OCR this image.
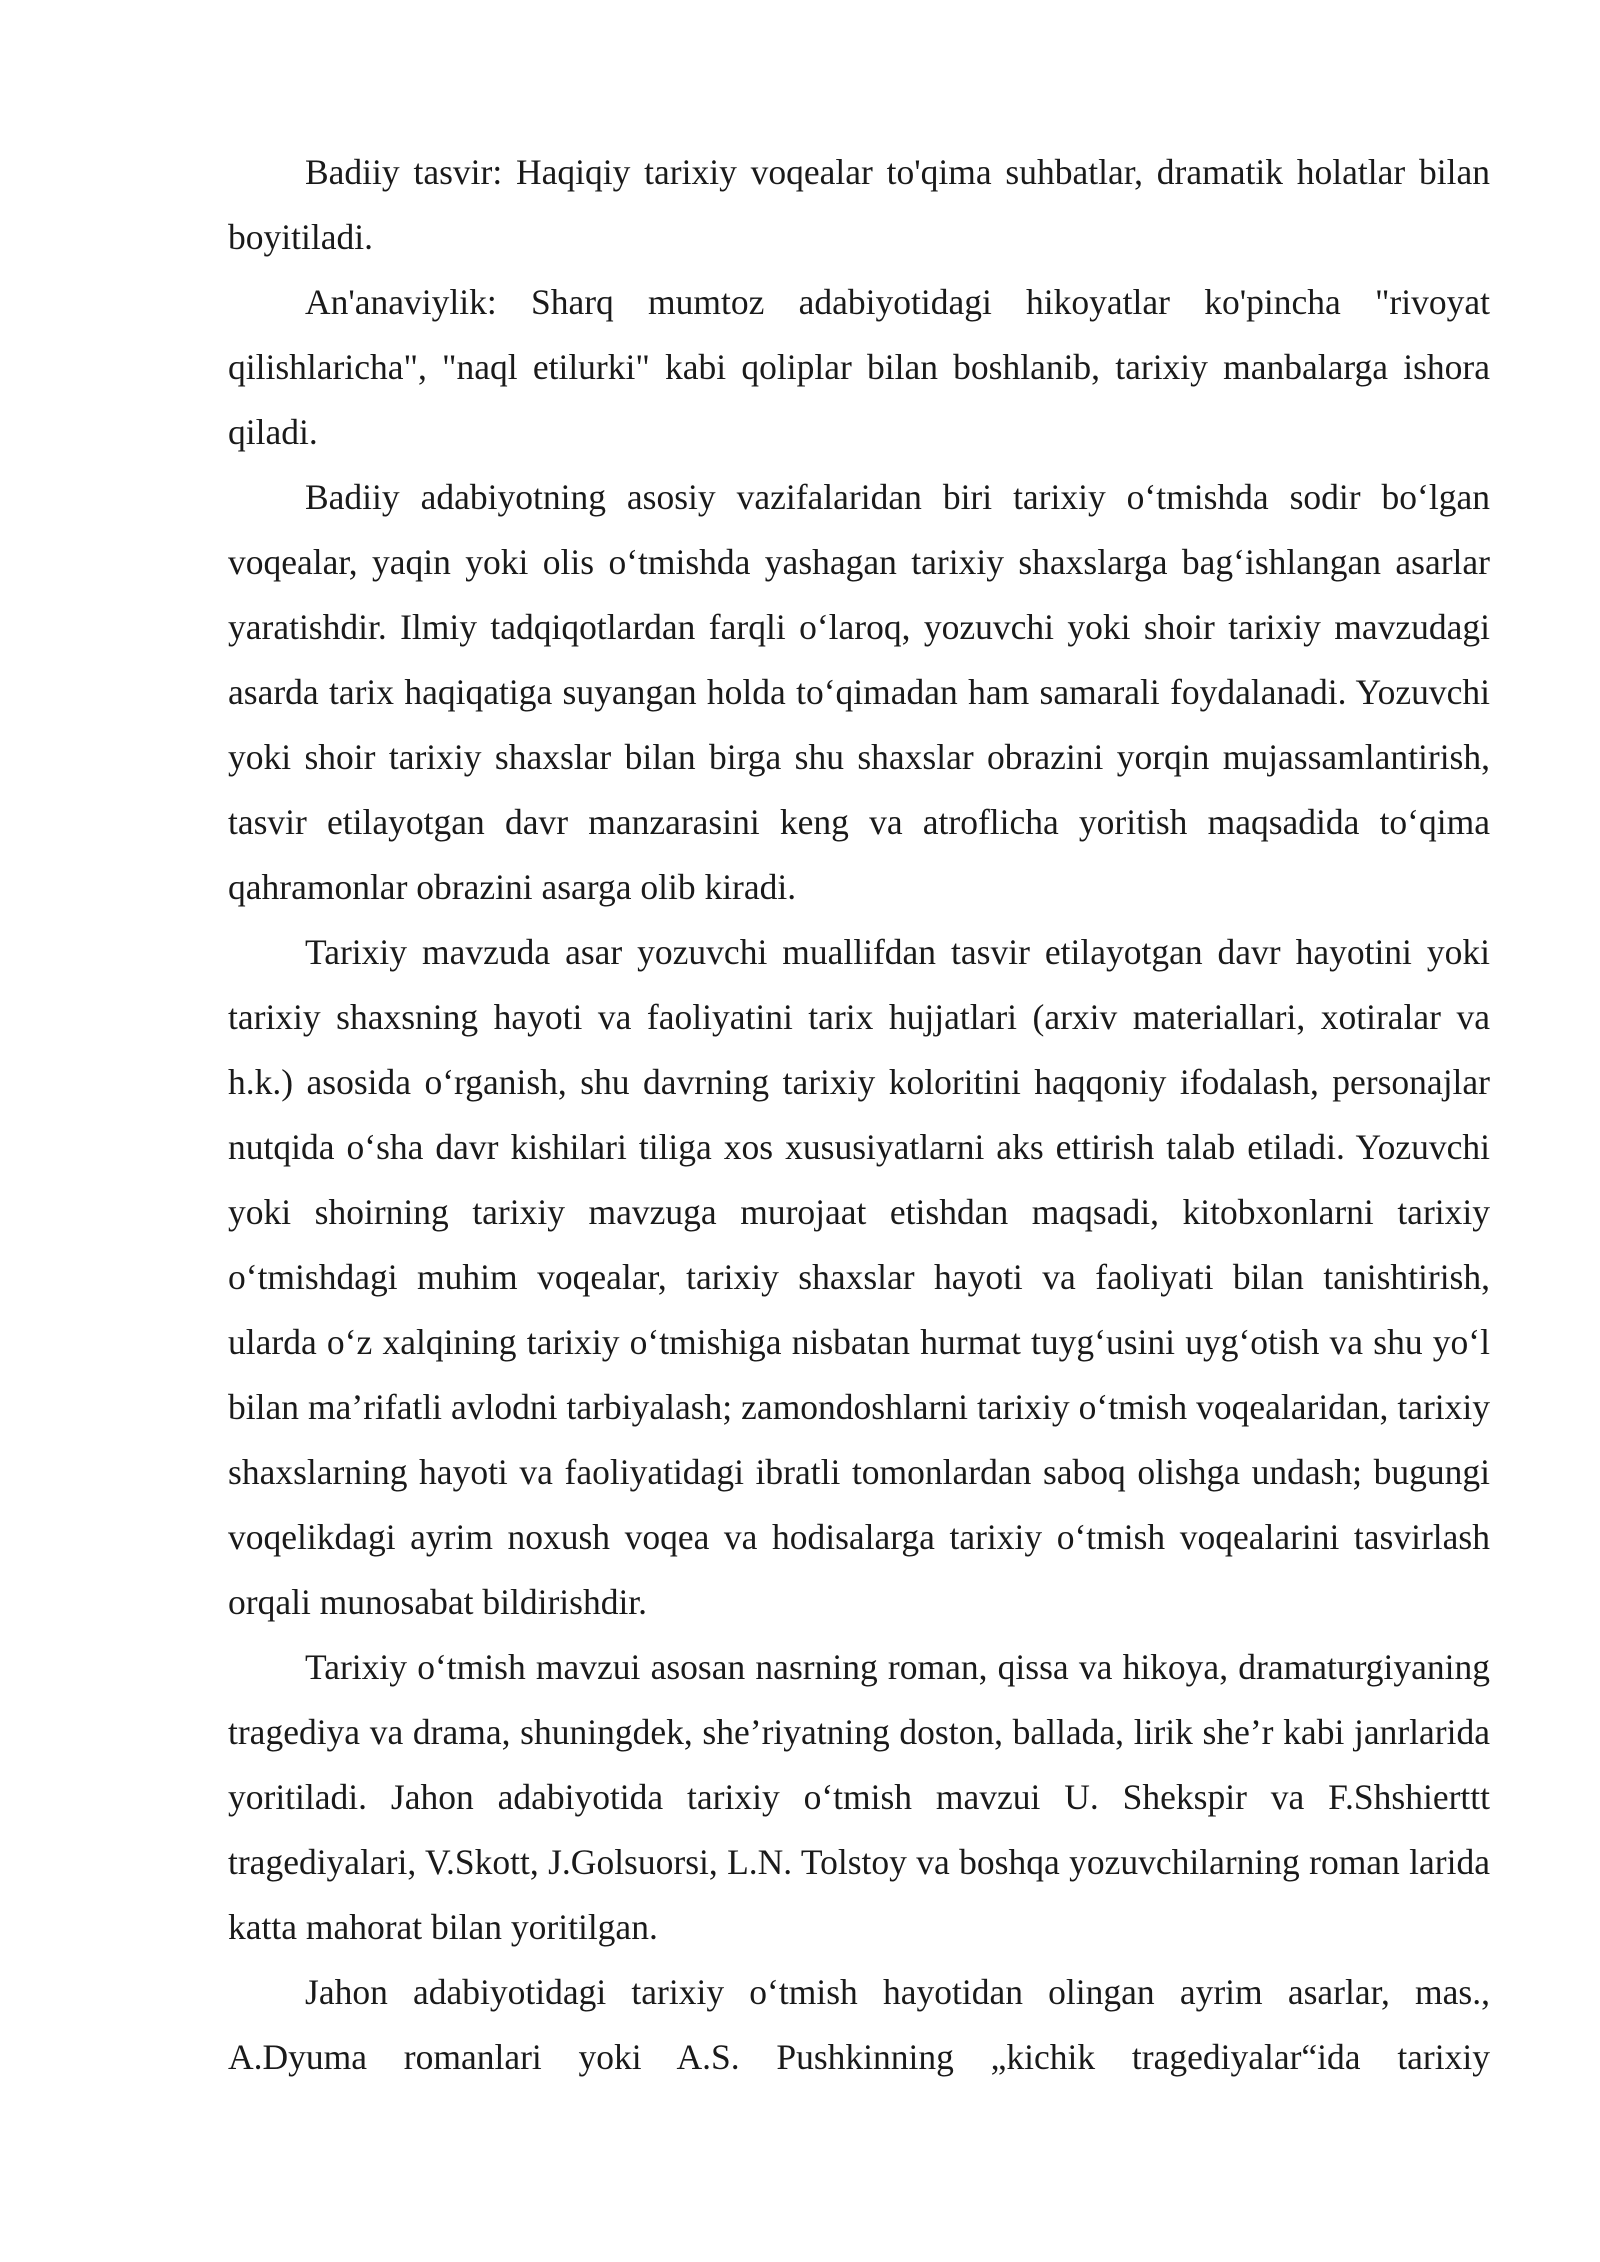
Badiiy tasvir: Haqiqiy tarixiy voqealar to'qima suhbatlar, dramatik holatlar bilan boyitiladi.

An'anaviylik: Sharq mumtoz adabiyotidagi hikoyatlar ko'pincha "rivoyat qilishlaricha", "naql etilurki" kabi qoliplar bilan boshlanib, tarixiy manbalarga ishora qiladi.

Badiiy adabiyotning asosiy vazifalaridan biri tarixiy o‘tmishda sodir bo‘lgan voqealar, yaqin yoki olis o‘tmishda yashagan tarixiy shaxslarga bag‘ishlangan asarlar yaratishdir. Ilmiy tadqiqotlardan farqli o‘laroq, yozuvchi yoki shoir tarixiy mavzudagi asarda tarix haqiqatiga suyangan holda to‘qimadan ham samarali foydalanadi. Yozuvchi yoki shoir tarixiy shaxslar bilan birga shu shaxslar obrazini yorqin mujassamlantirish, tasvir etilayotgan davr manzarasini keng va atroflicha yoritish maqsadida to‘qima qahramonlar obrazini asarga olib kiradi.

Tarixiy mavzuda asar yozuvchi muallifdan tasvir etilayotgan davr hayotini yoki tarixiy shaxsning hayoti va faoliyatini tarix hujjatlari (arxiv materiallari, xotiralar va h.k.) asosida o‘rganish, shu davrning tarixiy koloritini haqqoniy ifodalash, personajlar nutqida o‘sha davr kishilari tiliga xos xususiyatlarni aks ettirish talab etiladi. Yozuvchi yoki shoirning tarixiy mavzuga murojaat etishdan maqsadi, kitobxonlarni tarixiy o‘tmishdagi muhim voqealar, tarixiy shaxslar hayoti va faoliyati bilan tanishtirish, ularda o‘z xalqining tarixiy o‘tmishiga nisbatan hurmat tuyg‘usini uyg‘otish va shu yo‘l bilan ma’rifatli avlodni tarbiyalash; zamondoshlarni tarixiy o‘tmish voqealaridan, tarixiy shaxslarning hayoti va faoliyatidagi ibratli tomonlardan saboq olishga undash; bugungi voqelikdagi ayrim noxush voqea va hodisalarga tarixiy o‘tmish voqealarini tasvirlash orqali munosabat bildirishdir.

Tarixiy o‘tmish mavzui asosan nasrning roman, qissa va hikoya, dramaturgiyaning tragediya va drama, shuningdek, she’riyatning doston, ballada, lirik she’r kabi janrlarida yoritiladi. Jahon adabiyotida tarixiy o‘tmish mavzui U. Shekspir va F.Shshierttt tragediyalari, V.Skott, J.Golsuorsi, L.N. Tolstoy va boshqa yozuvchilarning roman larida katta mahorat bilan yoritilgan.

Jahon adabiyotidagi tarixiy o‘tmish hayotidan olingan ayrim asarlar, mas., A.Dyuma romanlari yoki A.S. Pushkinning „kichik tragediyalar“ida tarixiy
